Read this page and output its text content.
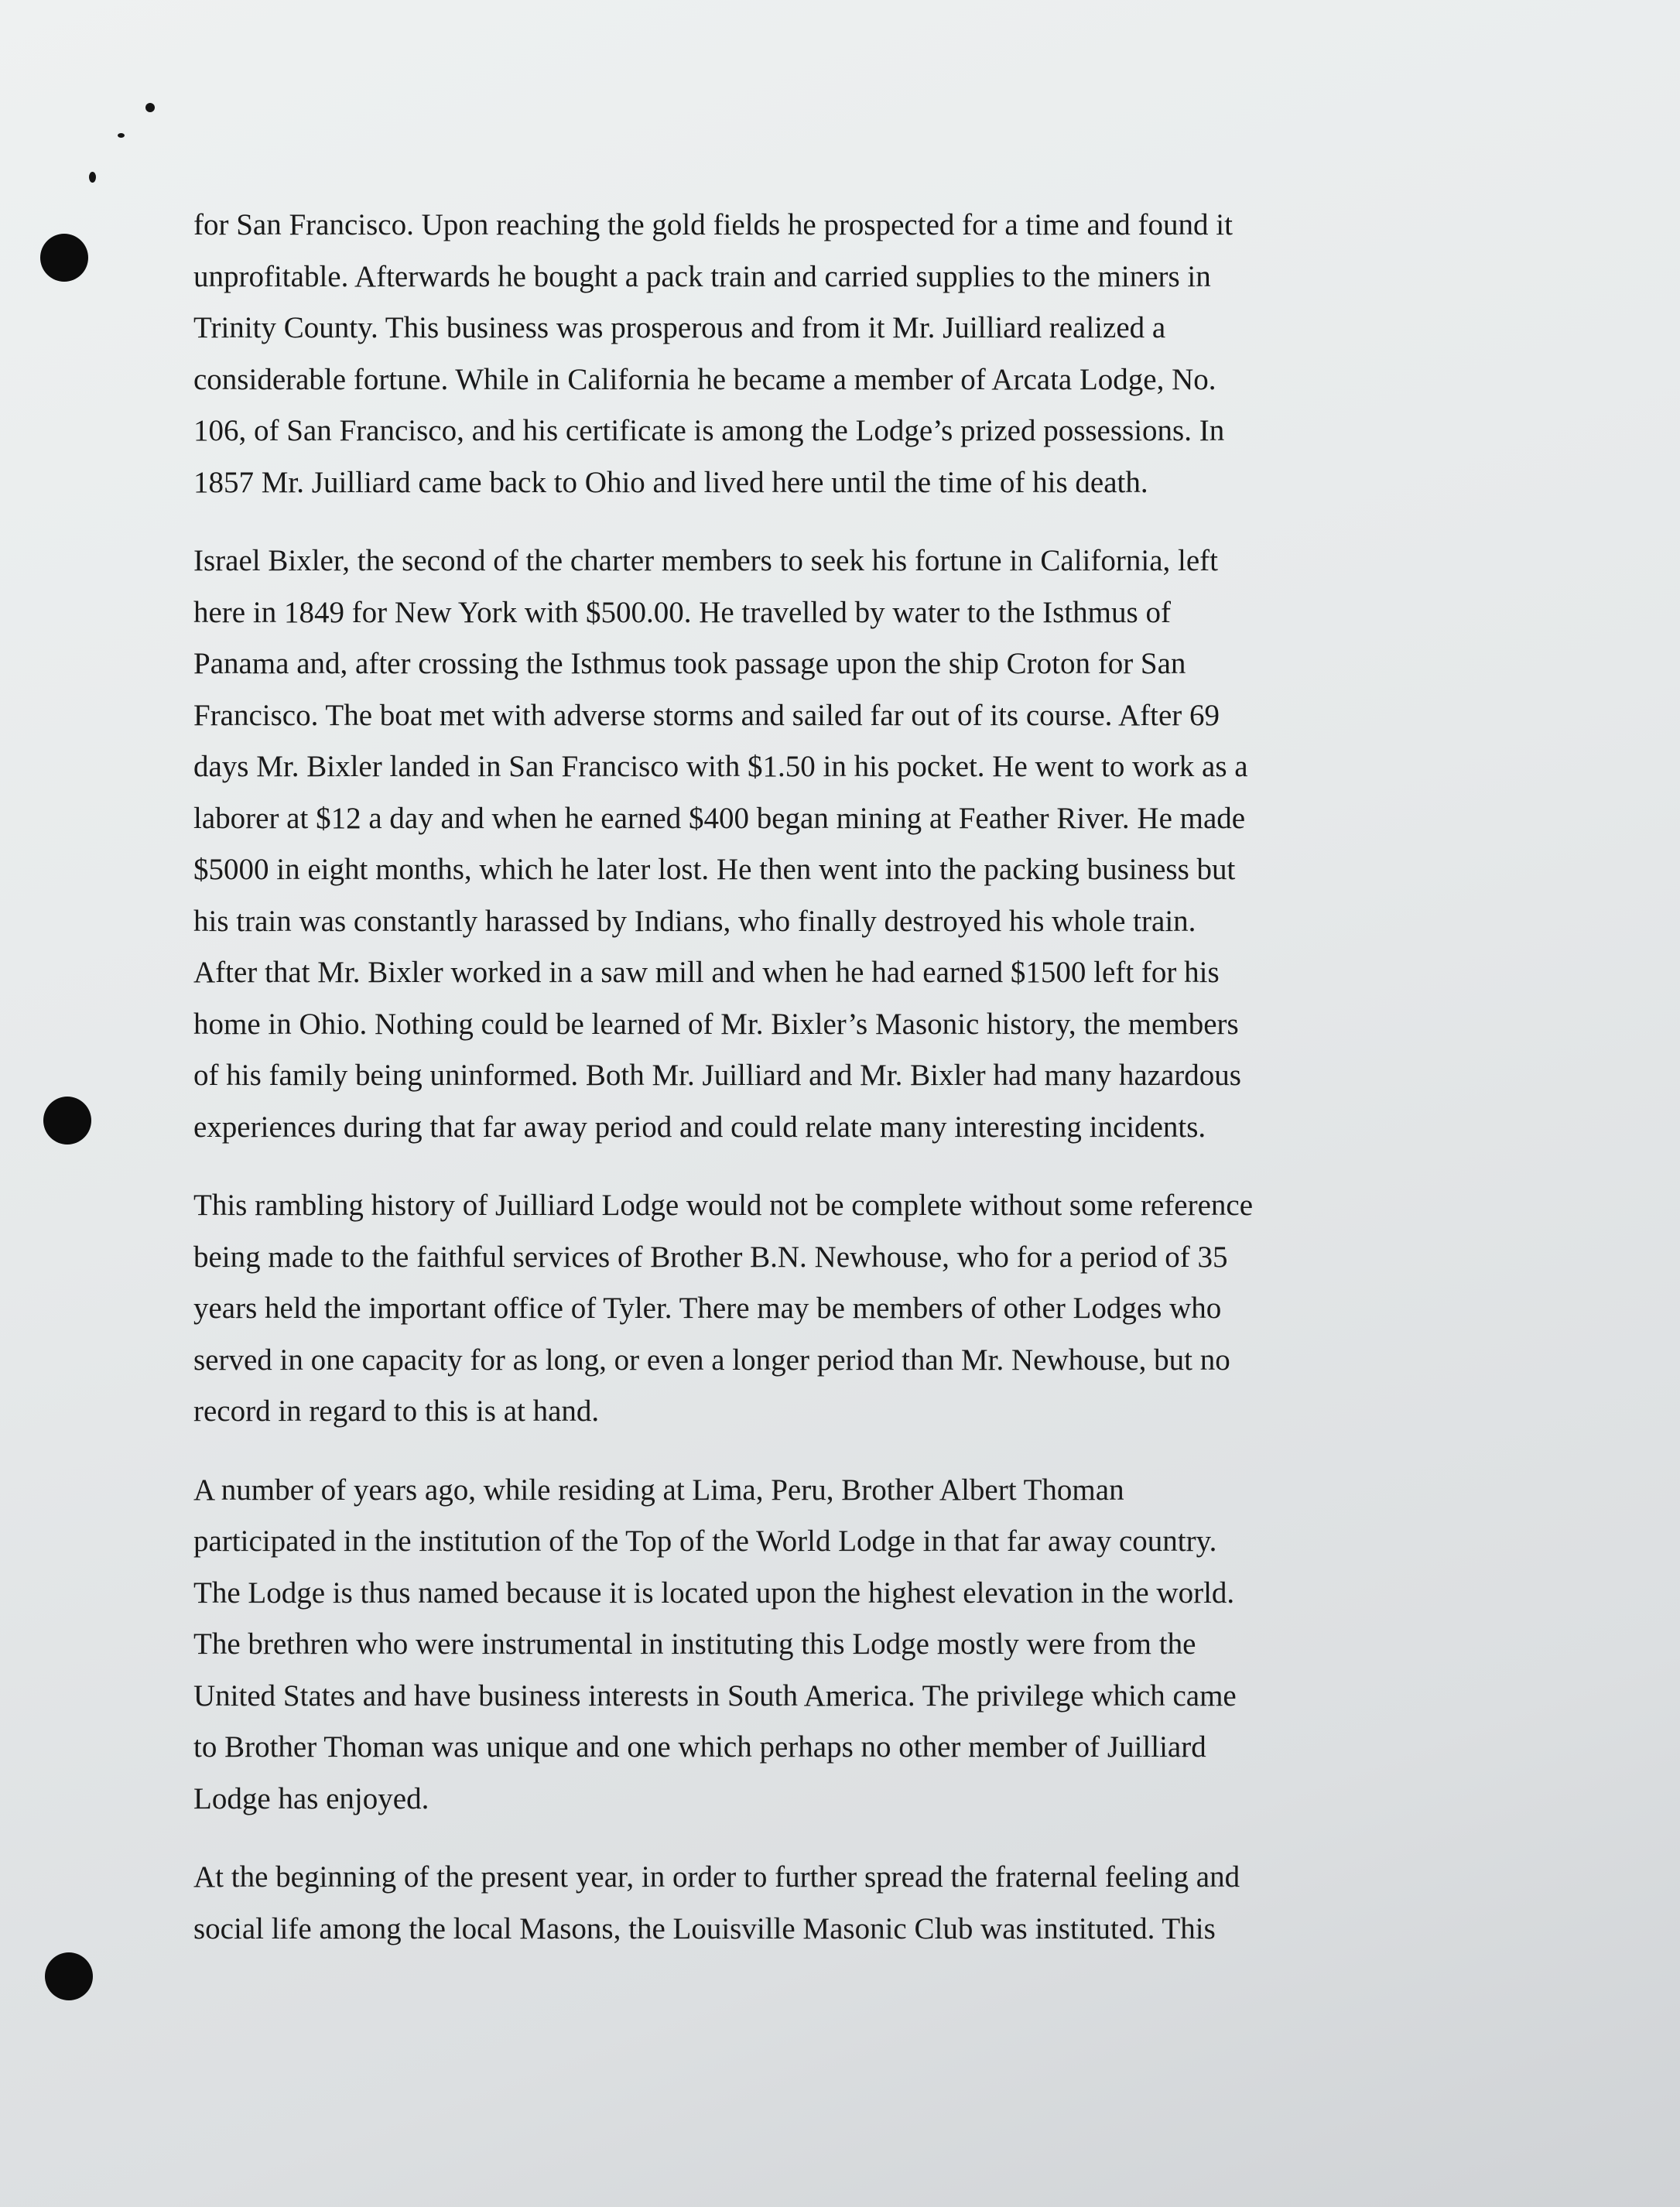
for San Francisco. Upon reaching the gold fields he prospected for a time and found it
unprofitable. Afterwards he bought a pack train and carried supplies to the miners in
Trinity County. This business was prosperous and from it Mr. Juilliard realized a
considerable fortune. While in California he became a member of Arcata Lodge, No.
106, of San Francisco, and his certificate is among the Lodge’s prized possessions. In
1857 Mr. Juilliard came back to Ohio and lived here until the time of his death.
Israel Bixler, the second of the charter members to seek his fortune in California, left
here in 1849 for New York with $500.00. He travelled by water to the Isthmus of
Panama and, after crossing the Isthmus took passage upon the ship Croton for San
Francisco. The boat met with adverse storms and sailed far out of its course. After 69
days Mr. Bixler landed in San Francisco with $1.50 in his pocket. He went to work as a
laborer at $12 a day and when he earned $400 began mining at Feather River. He made
$5000 in eight months, which he later lost. He then went into the packing business but
his train was constantly harassed by Indians, who finally destroyed his whole train.
After that Mr. Bixler worked in a saw mill and when he had earned $1500 left for his
home in Ohio. Nothing could be learned of Mr. Bixler’s Masonic history, the members
of his family being uninformed. Both Mr. Juilliard and Mr. Bixler had many hazardous
experiences during that far away period and could relate many interesting incidents.
This rambling history of Juilliard Lodge would not be complete without some reference
being made to the faithful services of Brother B.N. Newhouse, who for a period of 35
years held the important office of Tyler. There may be members of other Lodges who
served in one capacity for as long, or even a longer period than Mr. Newhouse, but no
record in regard to this is at hand.
A number of years ago, while residing at Lima, Peru, Brother Albert Thoman
participated in the institution of the Top of the World Lodge in that far away country.
The Lodge is thus named because it is located upon the highest elevation in the world.
The brethren who were instrumental in instituting this Lodge mostly were from the
United States and have business interests in South America. The privilege which came
to Brother Thoman was unique and one which perhaps no other member of Juilliard
Lodge has enjoyed.
At the beginning of the present year, in order to further spread the fraternal feeling and
social life among the local Masons, the Louisville Masonic Club was instituted. This
